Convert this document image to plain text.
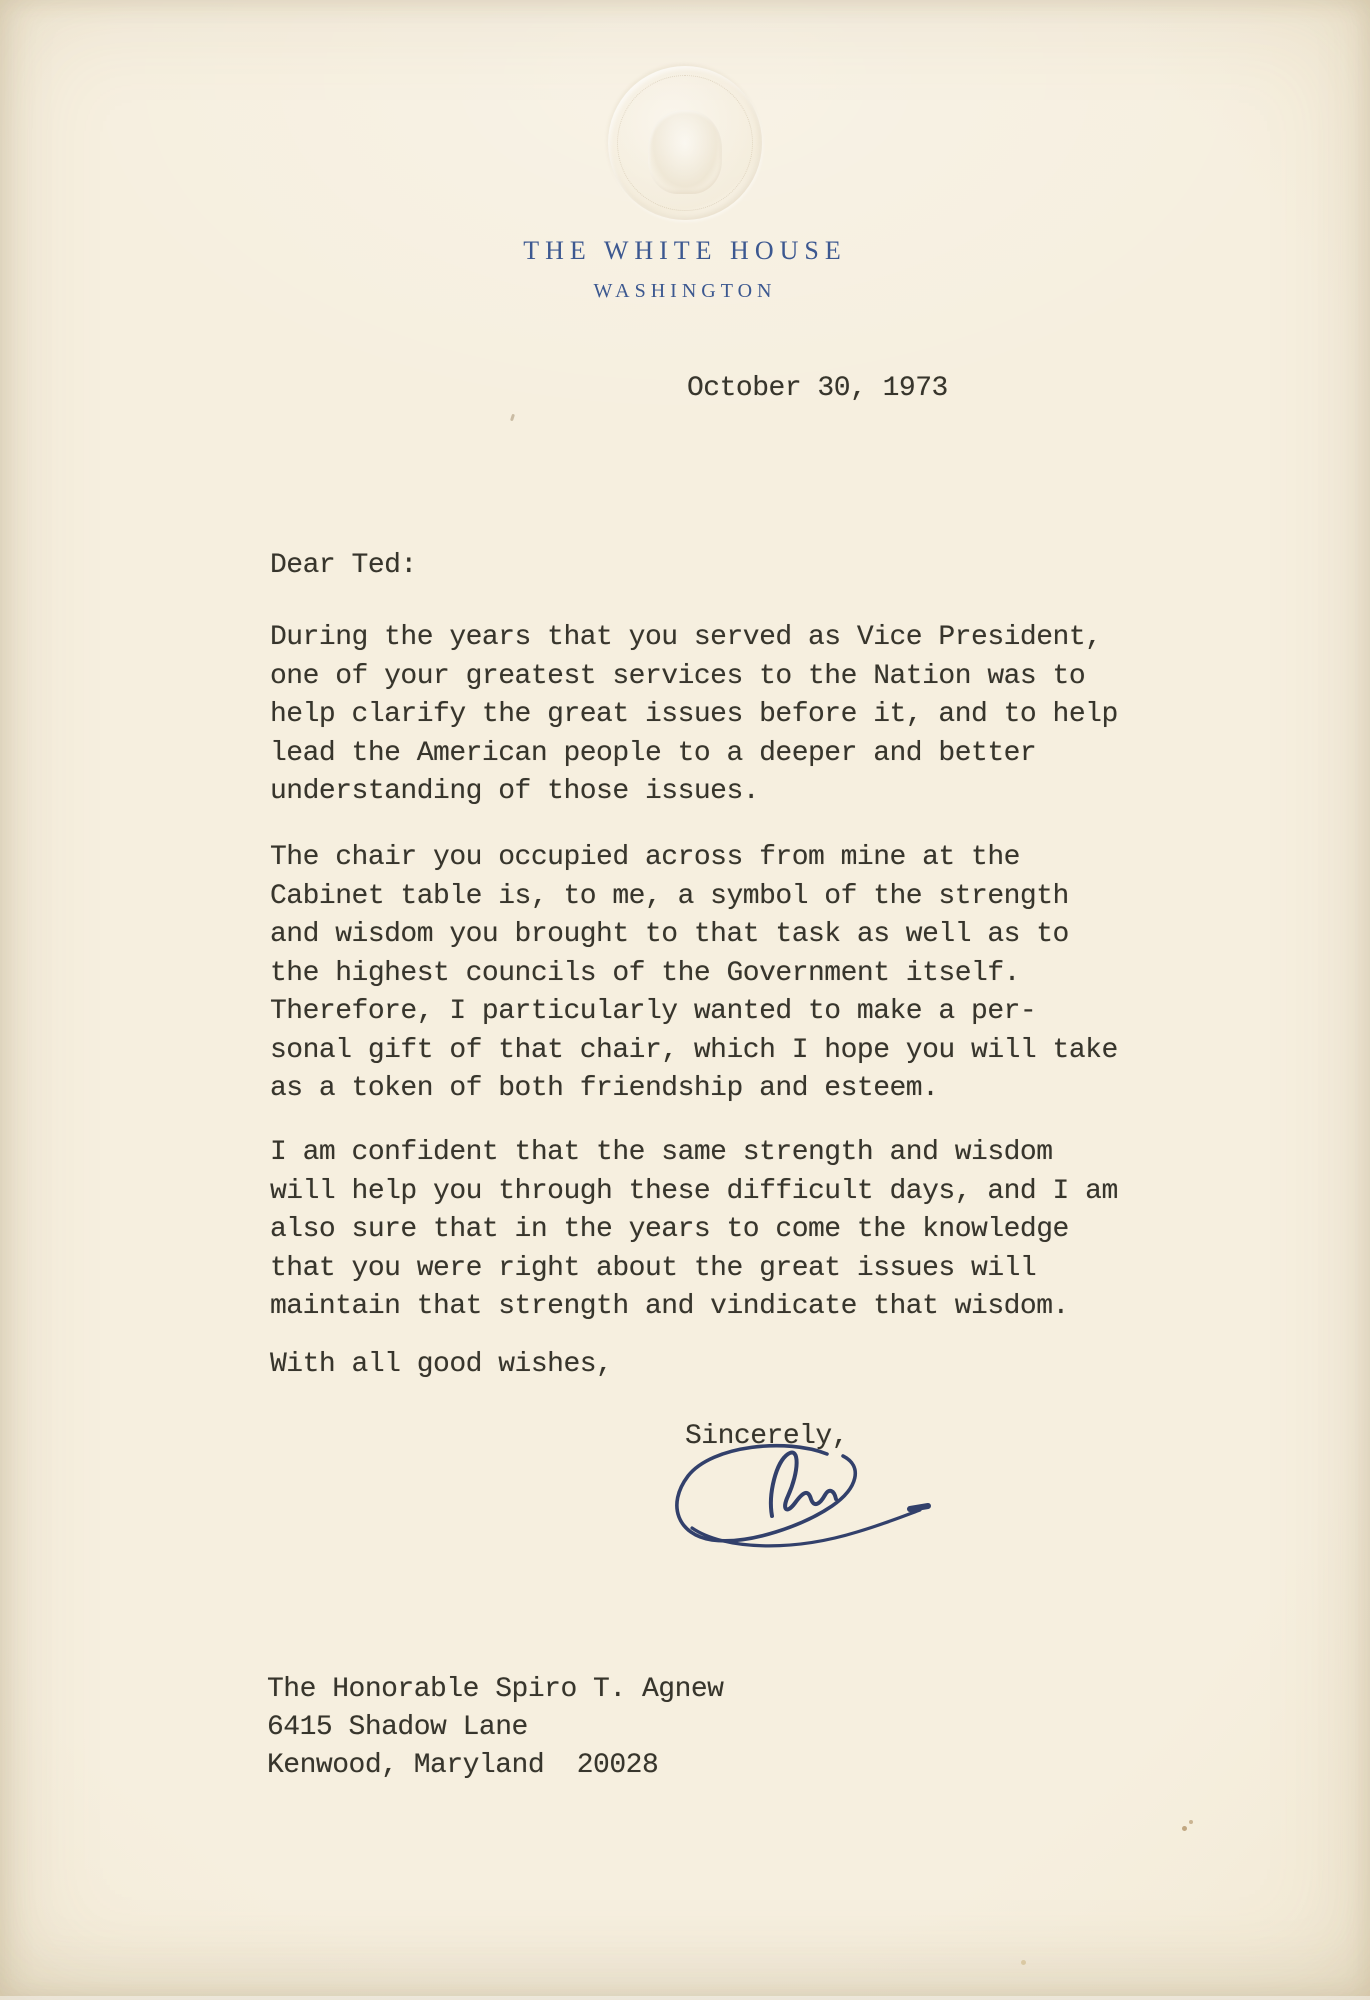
THE WHITE HOUSE
WASHINGTON
October 30, 1973
Dear Ted:
During the years that you served as Vice President,
one of your greatest services to the Nation was to
help clarify the great issues before it, and to help
lead the American people to a deeper and better
understanding of those issues.
The chair you occupied across from mine at the
Cabinet table is, to me, a symbol of the strength
and wisdom you brought to that task as well as to
the highest councils of the Government itself.
Therefore, I particularly wanted to make a per-
sonal gift of that chair, which I hope you will take
as a token of both friendship and esteem.
I am confident that the same strength and wisdom
will help you through these difficult days, and I am
also sure that in the years to come the knowledge
that you were right about the great issues will
maintain that strength and vindicate that wisdom.
With all good wishes,
Sincerely,
The Honorable Spiro T. Agnew
6415 Shadow Lane
Kenwood, Maryland  20028
